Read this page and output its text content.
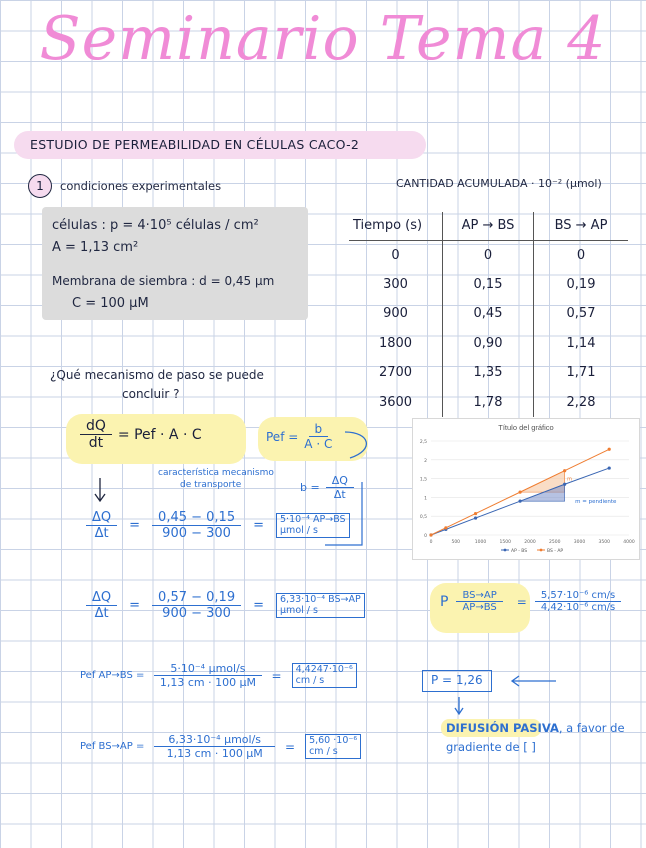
Seminario Tema 4
ESTUDIO DE PERMEABILIDAD EN CÉLULAS CACO-2
1	condiciones experimentales
células : p = 4·10⁵ células / cm²
A = 1,13 cm²
Membrana de siembra : d = 0,45 µm
C = 100 µM
CANTIDAD ACUMULADA · 10⁻² (µmol)
Tiempo (s)	AP → BS	BS → AP
0	0	0
300	0,15	0,19
900	0,45	0,57
1800	0,90	1,14
2700	1,35	1,71
3600	1,78	2,28
¿Qué mecanismo de paso se puede
concluir ?
$\frac{dQ}{dt}$ = Pef · A · C	Pef = $\frac{b}{A \cdot C}$
característica mecanismo
de transporte	$b = \frac{\Delta Q}{\Delta t}$
$\frac{\Delta Q}{\Delta t} = \frac{0,45 - 0,15}{900 - 300}$ =	5·10⁻⁴ AP→BS
µmol / s
$\frac{\Delta Q}{\Delta t} = \frac{0,57 - 0,19}{900 - 300}$ =	6,33·10⁻⁴ BS→AP
µmol / s
P $\frac{BS\to AP}{AP\to BS} = \frac{\text{5,57·10⁻⁶ cm/s}}{\text{4,42·10⁻⁶ cm/s}}$
Pef $AP\to BS = \frac{\text{5·10⁻⁴ µmol/s}}{\text{1,13 cm · 100 µM}}$ =	4,4247·10⁻⁶
cm / s	P = 1,26
DIFUSIÓN PASIVA, a favor de
gradiente de [ ]
Pef $BS\to AP = \frac{\text{6,33·10⁻⁴ µmol/s}}{\text{1,13 cm · 100 µM}}$ =	5,60 ·10⁻⁶
cm / s
Título del gráfico
0
0,5
1
1,5
2
2,5
0	500	1000	1500	2000	2500	3000	3500	4000
m
m = pendiente
AP - BS	BS - AP
